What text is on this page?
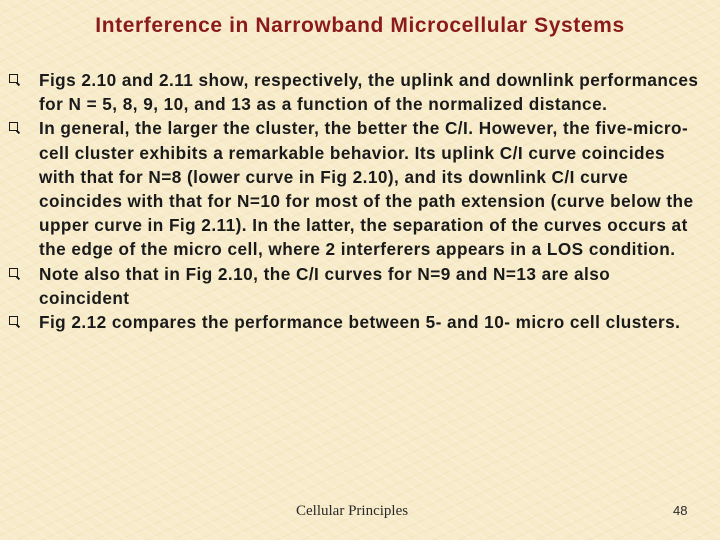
Interference in Narrowband Microcellular Systems
Figs 2.10 and 2.11 show, respectively, the uplink and downlink performances for N = 5, 8, 9, 10, and 13 as a function of the normalized distance.
In general, the larger the cluster, the better the C/I. However, the five-micro-cell cluster exhibits a remarkable behavior. Its uplink C/I curve coincides with that for N=8 (lower curve in Fig 2.10), and its downlink C/I curve coincides with that for N=10 for most of the path extension (curve below the upper curve in Fig 2.11). In the latter, the separation of the curves occurs at the edge of the micro cell, where 2 interferers appears in a LOS condition.
Note also that in Fig 2.10, the C/I curves for N=9 and N=13 are also coincident
Fig 2.12 compares the performance between 5- and 10- micro cell clusters.
Cellular Principles	48
